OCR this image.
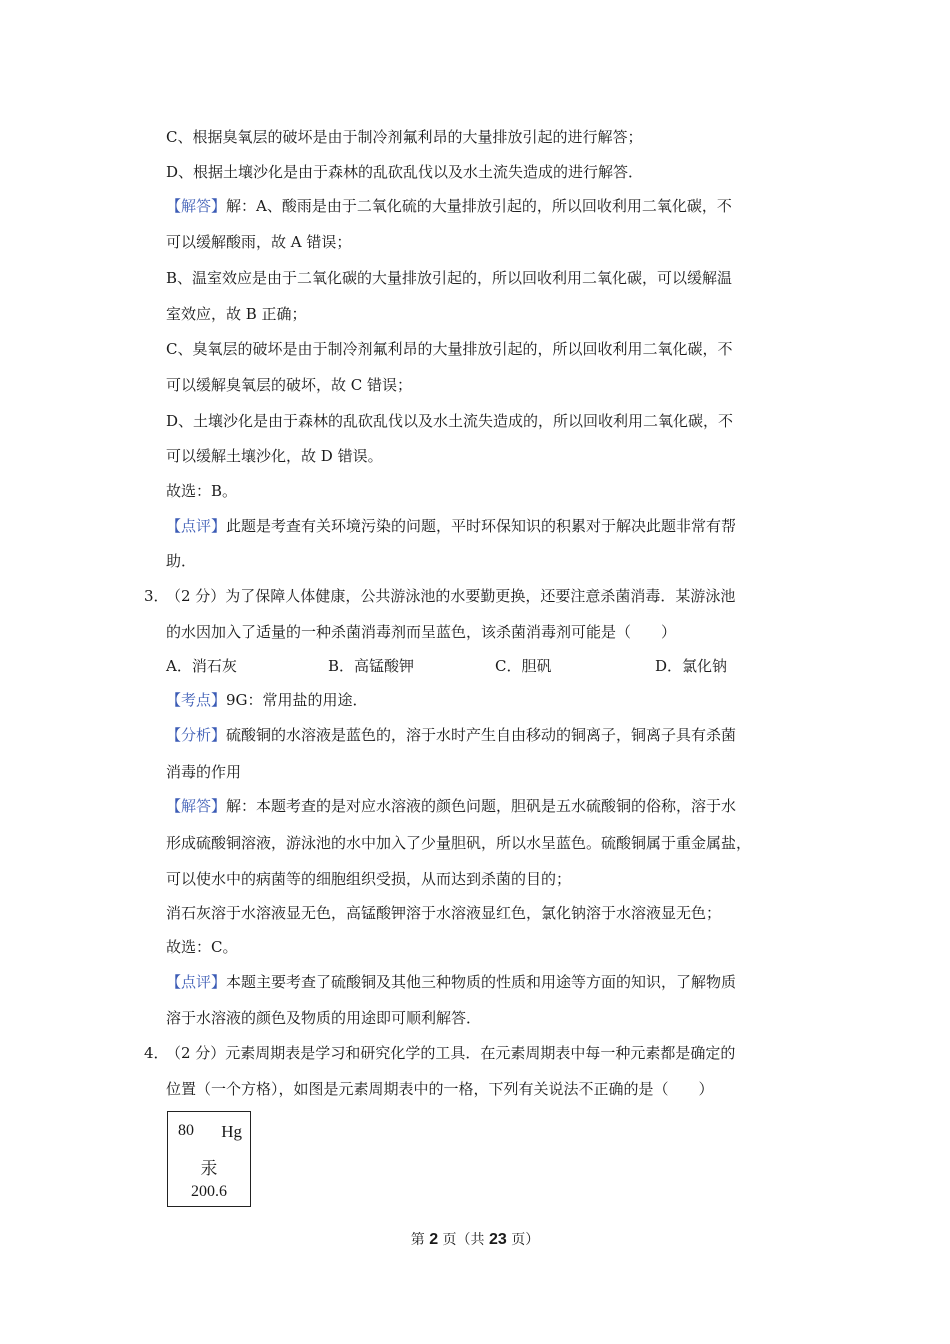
C、根据臭氧层的破坏是由于制冷剂氟利昂的大量排放引起的进行解答；
D、根据土壤沙化是由于森林的乱砍乱伐以及水土流失造成的进行解答．
【解答】解：A、酸雨是由于二氧化硫的大量排放引起的，所以回收利用二氧化碳，不
可以缓解酸雨，故 A 错误；
B、温室效应是由于二氧化碳的大量排放引起的，所以回收利用二氧化碳，可以缓解温
室效应，故 B 正确；
C、臭氧层的破坏是由于制冷剂氟利昂的大量排放引起的，所以回收利用二氧化碳，不
可以缓解臭氧层的破坏，故 C 错误；
D、土壤沙化是由于森林的乱砍乱伐以及水土流失造成的，所以回收利用二氧化碳，不
可以缓解土壤沙化，故 D 错误。
故选：B。
【点评】此题是考查有关环境污染的问题，平时环保知识的积累对于解决此题非常有帮
助．
3．
（2 分）为了保障人体健康，公共游泳池的水要勤更换，还要注意杀菌消毒．某游泳池
的水因加入了适量的一种杀菌消毒剂而呈蓝色，该杀菌消毒剂可能是（　　）
A．消石灰	B．高锰酸钾	C．胆矾	D．氯化钠
【考点】9G：常用盐的用途．
【分析】硫酸铜的水溶液是蓝色的，溶于水时产生自由移动的铜离子，铜离子具有杀菌
消毒的作用
【解答】解：本题考查的是对应水溶液的颜色问题，胆矾是五水硫酸铜的俗称，溶于水
形成硫酸铜溶液，游泳池的水中加入了少量胆矾，所以水呈蓝色。硫酸铜属于重金属盐，
可以使水中的病菌等的细胞组织受损，从而达到杀菌的目的；
消石灰溶于水溶液显无色，高锰酸钾溶于水溶液显红色，氯化钠溶于水溶液显无色；
故选：C。
【点评】本题主要考查了硫酸铜及其他三种物质的性质和用途等方面的知识，了解物质
溶于水溶液的颜色及物质的用途即可顺利解答．
4．
（2 分）元素周期表是学习和研究化学的工具．在元素周期表中每一种元素都是确定的
位置（一个方格），如图是元素周期表中的一格，下列有关说法不正确的是（　　）
80 Hg
汞
200.6
第 2 页（共 23 页）
